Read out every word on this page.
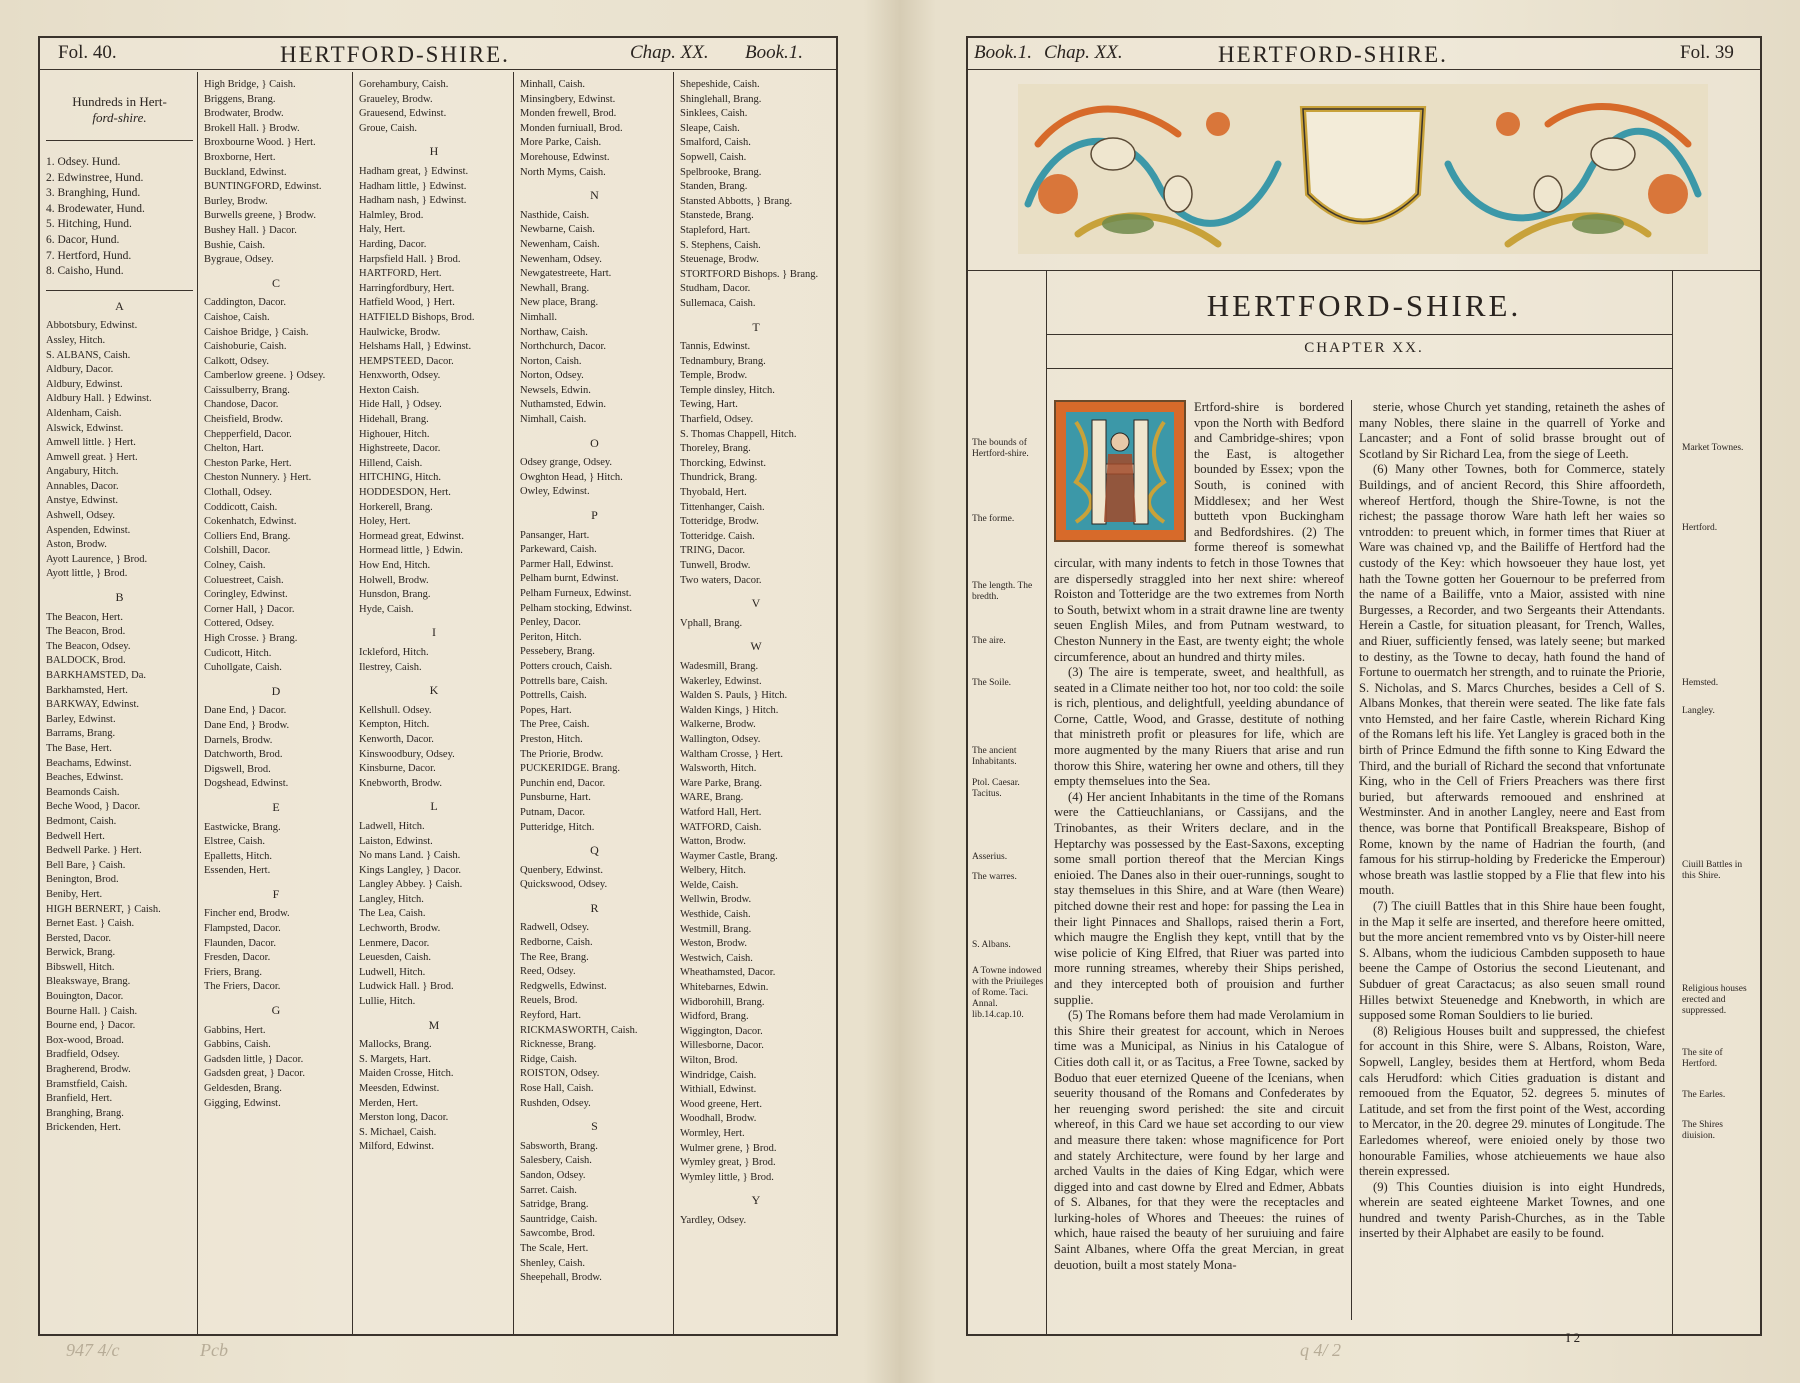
Fol. 40.	HERTFORD-SHIRE.	Chap. XX. Book.1.
Hundreds in Hert-
ford-shire.
1. Odsey. Hund.
2. Edwinstree, Hund.
3. Branghing, Hund.
4. Brodewater, Hund.
5. Hitching, Hund.
6. Dacor, Hund.
7. Hertford, Hund.
8. Caisho, Hund.
A
Abbotsbury, Edwinst.
Assley, Hitch.
S. ALBANS, Caish.
Aldbury, Dacor.
Aldbury, Edwinst.
Aldbury Hall. } Edwinst.
Aldenham, Caish.
Alswick, Edwinst.
Amwell little. } Hert.
Amwell great. } Hert.
Angabury, Hitch.
Annables, Dacor.
Anstye, Edwinst.
Ashwell, Odsey.
Aspenden, Edwinst.
Aston, Brodw.
Ayott Laurence, } Brod.
Ayott little, } Brod.
B
The Beacon, Hert.
The Beacon, Brod.
The Beacon, Odsey.
BALDOCK, Brod.
BARKHAMSTED, Da.
Barkhamsted, Hert.
BARKWAY, Edwinst.
Barley, Edwinst.
Barrams, Brang.
The Base, Hert.
Beachams, Edwinst.
Beaches, Edwinst.
Beamonds Caish.
Beche Wood, } Dacor.
Bedmont, Caish.
Bedwell Hert.
Bedwell Parke. } Hert.
Bell Bare, } Caish.
Benington, Brod.
Beniby, Hert.
HIGH BERNERT, } Caish.
Bernet East. } Caish.
Bersted, Dacor.
Berwick, Brang.
Bibswell, Hitch.
Bleakswaye, Brang.
Bouington, Dacor.
Bourne Hall. } Caish.
Bourne end, } Dacor.
Box-wood, Broad.
Bradfield, Odsey.
Bragherend, Brodw.
Bramstfield, Caish.
Branfield, Hert.
Branghing, Brang.
Brickenden, Hert.
High Bridge, } Caish.
Briggens, Brang.
Brodwater, Brodw.
Brokell Hall. } Brodw.
Broxbourne Wood. } Hert.
Broxborne, Hert.
Buckland, Edwinst.
BUNTINGFORD, Edwinst.
Burley, Brodw.
Burwells greene, } Brodw.
Bushey Hall. } Dacor.
Bushie, Caish.
Bygraue, Odsey.
C
Caddington, Dacor.
Caishoe, Caish.
Caishoe Bridge, } Caish.
Caishoburie, Caish.
Calkott, Odsey.
Camberlow greene. } Odsey.
Caissulberry, Brang.
Chandose, Dacor.
Cheisfield, Brodw.
Chepperfield, Dacor.
Chelton, Hart.
Cheston Parke, Hert.
Cheston Nunnery. } Hert.
Clothall, Odsey.
Coddicott, Caish.
Cokenhatch, Edwinst.
Colliers End, Brang.
Colshill, Dacor.
Colney, Caish.
Coluestreet, Caish.
Coringley, Edwinst.
Corner Hall, } Dacor.
Cottered, Odsey.
High Crosse. } Brang.
Cudicott, Hitch.
Cuhollgate, Caish.
D
Dane End, } Dacor.
Dane End, } Brodw.
Darnels, Brodw.
Datchworth, Brod.
Digswell, Brod.
Dogshead, Edwinst.
E
Eastwicke, Brang.
Elstree, Caish.
Epalletts, Hitch.
Essenden, Hert.
F
Fincher end, Brodw.
Flampsted, Dacor.
Flaunden, Dacor.
Fresden, Dacor.
Friers, Brang.
The Friers, Dacor.
G
Gabbins, Hert.
Gabbins, Caish.
Gadsden little, } Dacor.
Gadsden great, } Dacor.
Geldesden, Brang.
Gigging, Edwinst.
Gorehambury, Caish.
Graueley, Brodw.
Grauesend, Edwinst.
Groue, Caish.
H
Hadham great, } Edwinst.
Hadham little, } Edwinst.
Hadham nash, } Edwinst.
Halmley, Brod.
Haly, Hert.
Harding, Dacor.
Harpsfield Hall. } Brod.
HARTFORD, Hert.
Harringfordbury, Hert.
Hatfield Wood, } Hert.
HATFIELD Bishops, Brod.
Haulwicke, Brodw.
Helshams Hall, } Edwinst.
HEMPSTEED, Dacor.
Henxworth, Odsey.
Hexton Caish.
Hide Hall, } Odsey.
Hidehall, Brang.
Highouer, Hitch.
Highstreete, Dacor.
Hillend, Caish.
HITCHING, Hitch.
HODDESDON, Hert.
Horkerell, Brang.
Holey, Hert.
Hormead great, Edwinst.
Hormead little, } Edwin.
How End, Hitch.
Holwell, Brodw.
Hunsdon, Brang.
Hyde, Caish.
I
Ickleford, Hitch.
Ilestrey, Caish.
K
Kellshull. Odsey.
Kempton, Hitch.
Kenworth, Dacor.
Kinswoodbury, Odsey.
Kinsburne, Dacor.
Knebworth, Brodw.
L
Ladwell, Hitch.
Laiston, Edwinst.
No mans Land. } Caish.
Kings Langley, } Dacor.
Langley Abbey. } Caish.
Langley, Hitch.
The Lea, Caish.
Lechworth, Brodw.
Lenmere, Dacor.
Leuesden, Caish.
Ludwell, Hitch.
Ludwick Hall. } Brod.
Lullie, Hitch.
M
Mallocks, Brang.
S. Margets, Hart.
Maiden Crosse, Hitch.
Meesden, Edwinst.
Merden, Hert.
Merston long, Dacor.
S. Michael, Caish.
Milford, Edwinst.
Minhall, Caish.
Minsingbery, Edwinst.
Monden frewell, Brod.
Monden furniuall, Brod.
More Parke, Caish.
Morehouse, Edwinst.
North Myms, Caish.
N
Nasthide, Caish.
Newbarne, Caish.
Newenham, Caish.
Newenham, Odsey.
Newgatestreete, Hart.
Newhall, Brang.
New place, Brang.
Nimhall.
Northaw, Caish.
Northchurch, Dacor.
Norton, Caish.
Norton, Odsey.
Newsels, Edwin.
Nuthamsted, Edwin.
Nimhall, Caish.
O
Odsey grange, Odsey.
Owghton Head, } Hitch.
Owley, Edwinst.
P
Pansanger, Hart.
Parkeward, Caish.
Parmer Hall, Edwinst.
Pelham burnt, Edwinst.
Pelham Furneux, Edwinst.
Pelham stocking, Edwinst.
Penley, Dacor.
Periton, Hitch.
Pessebery, Brang.
Potters crouch, Caish.
Pottrells bare, Caish.
Pottrells, Caish.
Popes, Hart.
The Pree, Caish.
Preston, Hitch.
The Priorie, Brodw.
PUCKERIDGE. Brang.
Punchin end, Dacor.
Punsburne, Hart.
Putnam, Dacor.
Putteridge, Hitch.
Q
Quenbery, Edwinst.
Quickswood, Odsey.
R
Radwell, Odsey.
Redborne, Caish.
The Ree, Brang.
Reed, Odsey.
Redgwells, Edwinst.
Reuels, Brod.
Reyford, Hart.
RICKMASWORTH, Caish.
Ricknesse, Brang.
Ridge, Caish.
ROISTON, Odsey.
Rose Hall, Caish.
Rushden, Odsey.
S
Sabsworth, Brang.
Salesbery, Caish.
Sandon, Odsey.
Sarret. Caish.
Satridge, Brang.
Sauntridge, Caish.
Sawcombe, Brod.
The Scale, Hert.
Shenley, Caish.
Sheepehall, Brodw.
Shepeshide, Caish.
Shinglehall, Brang.
Sinklees, Caish.
Sleape, Caish.
Smalford, Caish.
Sopwell, Caish.
Spelbrooke, Brang.
Standen, Brang.
Stansted Abbotts, } Brang.
Stanstede, Brang.
Stapleford, Hart.
S. Stephens, Caish.
Steuenage, Brodw.
STORTFORD Bishops. } Brang.
Studham, Dacor.
Sullemaca, Caish.
T
Tannis, Edwinst.
Tednambury, Brang.
Temple, Brodw.
Temple dinsley, Hitch.
Tewing, Hart.
Tharfield, Odsey.
S. Thomas Chappell, Hitch.
Thoreley, Brang.
Thorcking, Edwinst.
Thundrick, Brang.
Thyobald, Hert.
Tittenhanger, Caish.
Totteridge, Brodw.
Totteridge. Caish.
TRING, Dacor.
Tunwell, Brodw.
Two waters, Dacor.
V
Vphall, Brang.
W
Wadesmill, Brang.
Wakerley, Edwinst.
Walden S. Pauls, } Hitch.
Walden Kings, } Hitch.
Walkerne, Brodw.
Wallington, Odsey.
Waltham Crosse, } Hert.
Walsworth, Hitch.
Ware Parke, Brang.
WARE, Brang.
Watford Hall, Hert.
WATFORD, Caish.
Watton, Brodw.
Waymer Castle, Brang.
Welbery, Hitch.
Welde, Caish.
Wellwin, Brodw.
Westhide, Caish.
Westmill, Brang.
Weston, Brodw.
Westwich, Caish.
Wheathamsted, Dacor.
Whitebarnes, Edwin.
Widborohill, Brang.
Widford, Brang.
Wiggington, Dacor.
Willesborne, Dacor.
Wilton, Brod.
Windridge, Caish.
Withiall, Edwinst.
Wood greene, Hert.
Woodhall, Brodw.
Wormley, Hert.
Wulmer grene, } Brod.
Wymley great, } Brod.
Wymley little, } Brod.
Y
Yardley, Odsey.
Book.1. Chap. XX.	HERTFORD-SHIRE.	Fol. 39
HERTFORD-SHIRE.
CHAPTER XX.
The bounds of Hertford-shire.
The forme.
The length. The bredth.
The aire.
The Soile.
The ancient Inhabitants.
Ptol. Caesar. Tacitus.
Asserius.
The warres.
S. Albans.
A Towne indowed with the Priuileges of Rome. Taci. Annal. lib.14.cap.10.
Market Townes.
Hertford.
Hemsted.
Langley.
Ciuill Battles in this Shire.
Religious houses erected and suppressed.
The site of Hertford.
The Earles.
The Shires diuision.

Ertford-shire is bordered vpon the North with Bedford and Cambridge-shires; vpon the East, is altogether bounded by Essex; vpon the South, is conined with Middlesex; and her West butteth vpon Buckingham and Bedfordshires. (2) The forme thereof is somewhat circular, with many indents to fetch in those Townes that are dispersedly straggled into her next shire: whereof Roiston and Totteridge are the two extremes from North to South, betwixt whom in a strait drawne line are twenty seuen English Miles, and from Putnam westward, to Cheston Nunnery in the East, are twenty eight; the whole circumference, about an hundred and thirty miles.

(3) The aire is temperate, sweet, and healthfull, as seated in a Climate neither too hot, nor too cold: the soile is rich, plentious, and delightfull, yeelding abundance of Corne, Cattle, Wood, and Grasse, destitute of nothing that ministreth profit or pleasures for life, which are more augmented by the many Riuers that arise and run thorow this Shire, watering her owne and others, till they empty themselues into the Sea.

(4) Her ancient Inhabitants in the time of the Romans were the Cattieuchlanians, or Cassijans, and the Trinobantes, as their Writers declare, and in the Heptarchy was possessed by the East-Saxons, excepting some small portion thereof that the Mercian Kings enioied. The Danes also in their ouer-runnings, sought to stay themselues in this Shire, and at Ware (then Weare) pitched downe their rest and hope: for passing the Lea in their light Pinnaces and Shallops, raised therin a Fort, which maugre the English they kept, vntill that by the wise policie of King Elfred, that Riuer was parted into more running streames, whereby their Ships perished, and they intercepted both of prouision and further supplie.

(5) The Romans before them had made Verolamium in this Shire their greatest for account, which in Neroes time was a Municipal, as Ninius in his Catalogue of Cities doth call it, or as Tacitus, a Free Towne, sacked by Boduo that euer eternized Queene of the Icenians, when seuerity thousand of the Romans and Confederates by her reuenging sword perished: the site and circuit whereof, in this Card we haue set according to our view and measure there taken: whose magnificence for Port and stately Architecture, were found by her large and arched Vaults in the daies of King Edgar, which were digged into and cast downe by Elred and Edmer, Abbats of S. Albanes, for that they were the receptacles and lurking-holes of Whores and Theeues: the ruines of which, haue raised the beauty of her suruiuing and faire Saint Albanes, where Offa the great Mercian, in great deuotion, built a most stately Mona-

sterie, whose Church yet standing, retaineth the ashes of many Nobles, there slaine in the quarrell of Yorke and Lancaster; and a Font of solid brasse brought out of Scotland by Sir Richard Lea, from the siege of Leeth.

(6) Many other Townes, both for Commerce, stately Buildings, and of ancient Record, this Shire affoordeth, whereof Hertford, though the Shire-Towne, is not the richest; the passage thorow Ware hath left her waies so vntrodden: to preuent which, in former times that Riuer at Ware was chained vp, and the Bailiffe of Hertford had the custody of the Key: which howsoeuer they haue lost, yet hath the Towne gotten her Gouernour to be preferred from the name of a Bailiffe, vnto a Maior, assisted with nine Burgesses, a Recorder, and two Sergeants their Attendants. Herein a Castle, for situation pleasant, for Trench, Walles, and Riuer, sufficiently fensed, was lately seene; but marked to destiny, as the Towne to decay, hath found the hand of Fortune to ouermatch her strength, and to ruinate the Priorie, S. Nicholas, and S. Marcs Churches, besides a Cell of S. Albans Monkes, that therein were seated. The like fate fals vnto Hemsted, and her faire Castle, wherein Richard King of the Romans left his life. Yet Langley is graced both in the birth of Prince Edmund the fifth sonne to King Edward the Third, and the buriall of Richard the second that vnfortunate King, who in the Cell of Friers Preachers was there first buried, but afterwards remooued and enshrined at Westminster. And in another Langley, neere and East from thence, was borne that Pontificall Breakspeare, Bishop of Rome, known by the name of Hadrian the fourth, (and famous for his stirrup-holding by Fredericke the Emperour) whose breath was lastlie stopped by a Flie that flew into his mouth.

(7) The ciuill Battles that in this Shire haue been fought, in the Map it selfe are inserted, and therefore heere omitted, but the more ancient remembred vnto vs by Oister-hill neere S. Albans, whom the iudicious Cambden supposeth to haue beene the Campe of Ostorius the second Lieutenant, and Subduer of great Caractacus; as also seuen small round Hilles betwixt Steuenedge and Knebworth, in which are supposed some Roman Souldiers to lie buried.

(8) Religious Houses built and suppressed, the chiefest for account in this Shire, were S. Albans, Roiston, Ware, Sopwell, Langley, besides them at Hertford, whom Beda cals Herudford: which Cities graduation is distant and remooued from the Equator, 52. degrees 5. minutes of Latitude, and set from the first point of the West, according to Mercator, in the 20. degree 29. minutes of Longitude. The Earledomes whereof, were enioied onely by those two honourable Families, whose atchieuements we haue also therein expressed.

(9) This Counties diuision is into eight Hundreds, wherein are seated eighteene Market Townes, and one hundred and twenty Parish-Churches, as in the Table inserted by their Alphabet are easily to be found.

I 2
947 4/c	Pcb	q 4/ 2
